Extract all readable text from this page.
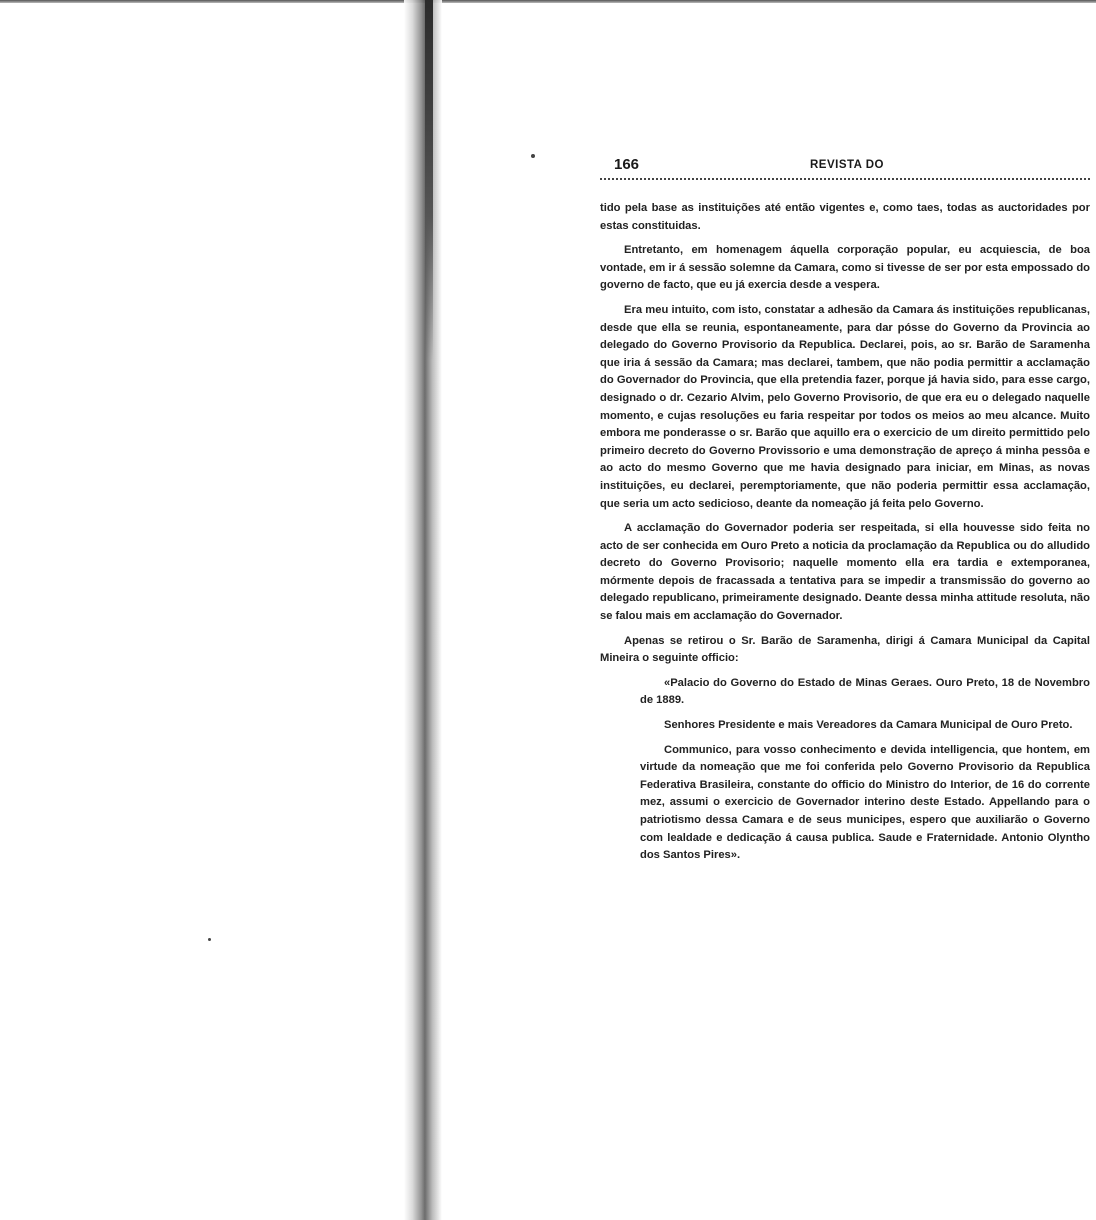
166	REVISTA DO

tido pela base as instituições até então vigentes e, como taes, todas as auctoridades por estas constituidas.

Entretanto, em homenagem áquella corporação popular, eu acquiescia, de boa vontade, em ir á sessão solemne da Camara, como si tivesse de ser por esta empossado do governo de facto, que eu já exercia desde a vespera.

Era meu intuito, com isto, constatar a adhesão da Camara ás instituições republicanas, desde que ella se reunia, espontaneamente, para dar pósse do Governo da Provincia ao delegado do Governo Provisorio da Republica. Declarei, pois, ao sr. Barão de Saramenha que iria á sessão da Camara; mas declarei, tambem, que não podia permittir a acclamação do Governador do Provincia, que ella pretendia fazer, porque já havia sido, para esse cargo, designado o dr. Cezario Alvim, pelo Governo Provisorio, de que era eu o delegado naquelle momento, e cujas resoluções eu faria respeitar por todos os meios ao meu alcance. Muito embora me ponderasse o sr. Barão que aquillo era o exercicio de um direito permittido pelo primeiro decreto do Governo Provissorio e uma demonstração de apreço á minha pessôa e ao acto do mesmo Governo que me havia designado para iniciar, em Minas, as novas instituições, eu declarei, peremptoriamente, que não poderia permittir essa acclamação, que seria um acto sedicioso, deante da nomeação já feita pelo Governo.

A acclamação do Governador poderia ser respeitada, si ella houvesse sido feita no acto de ser conhecida em Ouro Preto a noticia da proclamação da Republica ou do alludido decreto do Governo Provisorio; naquelle momento ella era tardia e extemporanea, mórmente depois de fracassada a tentativa para se impedir a transmissão do governo ao delegado republicano, primeiramente designado. Deante dessa minha attitude resoluta, não se falou mais em acclamação do Governador.

Apenas se retirou o Sr. Barão de Saramenha, dirigi á Camara Municipal da Capital Mineira o seguinte officio:

«Palacio do Governo do Estado de Minas Geraes. Ouro Preto, 18 de Novembro de 1889.

Senhores Presidente e mais Vereadores da Camara Municipal de Ouro Preto.

Communico, para vosso conhecimento e devida intelligencia, que hontem, em virtude da nomeação que me foi conferida pelo Governo Provisorio da Republica Federativa Brasileira, constante do officio do Ministro do Interior, de 16 do corrente mez, assumi o exercicio de Governador interino deste Estado. Appellando para o patriotismo dessa Camara e de seus municipes, espero que auxiliarão o Governo com lealdade e dedicação á causa publica. Saude e Fraternidade. Antonio Olyntho dos Santos Pires».
